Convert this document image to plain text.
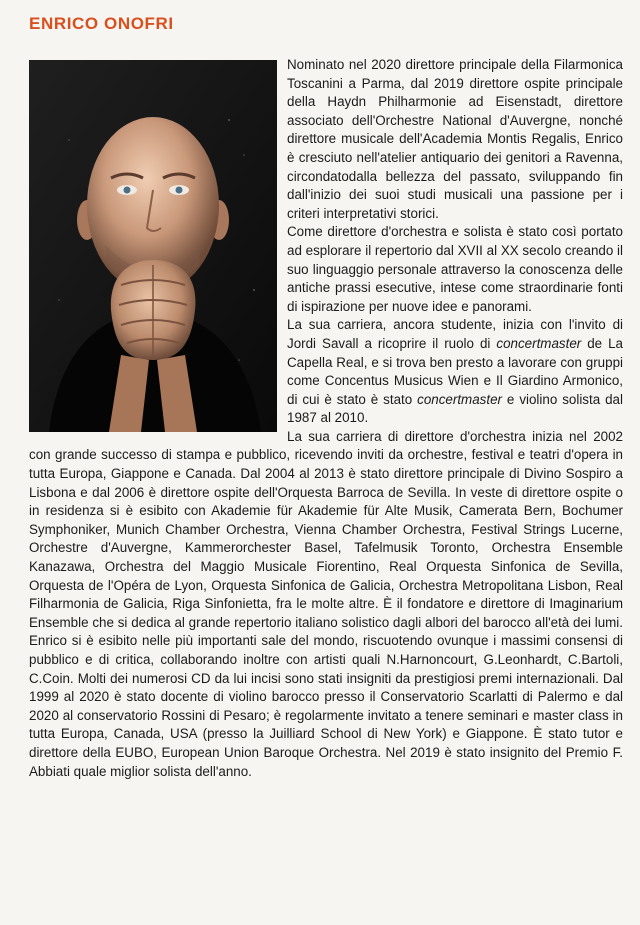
ENRICO ONOFRI

Nominato nel 2020 direttore principale della Filarmonica Toscanini a Parma, dal 2019 direttore ospite principale della Haydn Philharmonie ad Eisenstadt, direttore associato dell'Orchestre National d'Auvergne, nonché direttore musicale dell'Academia Montis Regalis, Enrico è cresciuto nell'atelier antiquario dei genitori a Ravenna, circondatodalla bellezza del passato, sviluppando fin dall'inizio dei suoi studi musicali una passione per i criteri interpretativi storici.

Come direttore d'orchestra e solista è stato così portato ad esplorare il repertorio dal XVII al XX secolo creando il suo linguaggio personale attraverso la conoscenza delle antiche prassi esecutive, intese come straordinarie fonti di ispirazione per nuove idee e panorami.

La sua carriera, ancora studente, inizia con l'invito di Jordi Savall a ricoprire il ruolo di concertmaster de La Capella Real, e si trova ben presto a lavorare con gruppi come Concentus Musicus Wien e Il Giardino Armonico, di cui è stato è stato concertmaster e violino solista dal 1987 al 2010.

La sua carriera di direttore d'orchestra inizia nel 2002 con grande successo di stampa e pubblico, ricevendo inviti da orchestre, festival e teatri d'opera in tutta Europa, Giappone e Canada. Dal 2004 al 2013 è stato direttore principale di Divino Sospiro a Lisbona e dal 2006 è direttore ospite dell'Orquesta Barroca de Sevilla. In veste di direttore ospite o in residenza si è esibito con Akademie für Akademie für Alte Musik, Camerata Bern, Bochumer Symphoniker, Munich Chamber Orchestra, Vienna Chamber Orchestra, Festival Strings Lucerne, Orchestre d'Auvergne, Kammerorchester Basel, Tafelmusik Toronto, Orchestra Ensemble Kanazawa, Orchestra del Maggio Musicale Fiorentino, Real Orquesta Sinfonica de Sevilla, Orquesta de l'Opéra de Lyon, Orquesta Sinfonica de Galicia, Orchestra Metropolitana Lisbon, Real Filharmonia de Galicia, Riga Sinfonietta, fra le molte altre. È il fondatore e direttore di Imaginarium Ensemble che si dedica al grande repertorio italiano solistico dagli albori del barocco all'età dei lumi. Enrico si è esibito nelle più importanti sale del mondo, riscuotendo ovunque i massimi consensi di pubblico e di critica, collaborando inoltre con artisti quali N.Harnoncourt, G.Leonhardt, C.Bartoli, C.Coin. Molti dei numerosi CD da lui incisi sono stati insigniti da prestigiosi premi internazionali. Dal 1999 al 2020 è stato docente di violino barocco presso il Conservatorio Scarlatti di Palermo e dal 2020 al conservatorio Rossini di Pesaro; è regolarmente invitato a tenere seminari e master class in tutta Europa, Canada, USA (presso la Juilliard School di New York) e Giappone. È stato tutor e direttore della EUBO, European Union Baroque Orchestra. Nel 2019 è stato insignito del Premio F. Abbiati quale miglior solista dell'anno.
